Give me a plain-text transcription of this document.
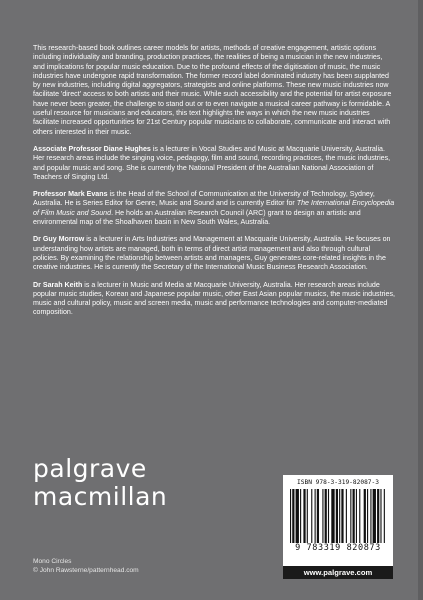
This research-based book outlines career models for artists, methods of creative engagement, artistic options including individuality and branding, production practices, the realities of being a musician in the new industries, and implications for popular music education. Due to the profound effects of the digitisation of music, the music industries have undergone rapid transformation. The former record label dominated industry has been supplanted by new industries, including digital aggregators, strategists and online platforms. These new music industries now facilitate 'direct' access to both artists and their music. While such accessibility and the potential for artist exposure have never been greater, the challenge to stand out or to even navigate a musical career pathway is formidable. A useful resource for musicians and educators, this text highlights the ways in which the new music industries facilitate increased opportunities for 21st Century popular musicians to collaborate, communicate and interact with others interested in their music.

Associate Professor Diane Hughes is a lecturer in Vocal Studies and Music at Macquarie University, Australia. Her research areas include the singing voice, pedagogy, film and sound, recording practices, the music industries, and popular music and song. She is currently the National President of the Australian National Association of Teachers of Singing Ltd.

Professor Mark Evans is the Head of the School of Communication at the University of Technology, Sydney, Australia. He is Series Editor for Genre, Music and Sound and is currently Editor for The International Encyclopedia of Film Music and Sound. He holds an Australian Research Council (ARC) grant to design an artistic and environmental map of the Shoalhaven basin in New South Wales, Australia.

Dr Guy Morrow is a lecturer in Arts Industries and Management at Macquarie University, Australia. He focuses on understanding how artists are managed, both in terms of direct artist management and also through cultural policies. By examining the relationship between artists and managers, Guy generates core-related insights in the creative industries. He is currently the Secretary of the International Music Business Research Association.

Dr Sarah Keith is a lecturer in Music and Media at Macquarie University, Australia. Her research areas include popular music studies, Korean and Japanese popular music, other East Asian popular musics, the music industries, music and cultural policy, music and screen media, music and performance technologies and computer-mediated composition.

palgrave
macmillan
Mono Circles
© John Rawsterne/patternhead.com
ISBN 978-3-319-82087-3
9 783319 820873
www.palgrave.com
